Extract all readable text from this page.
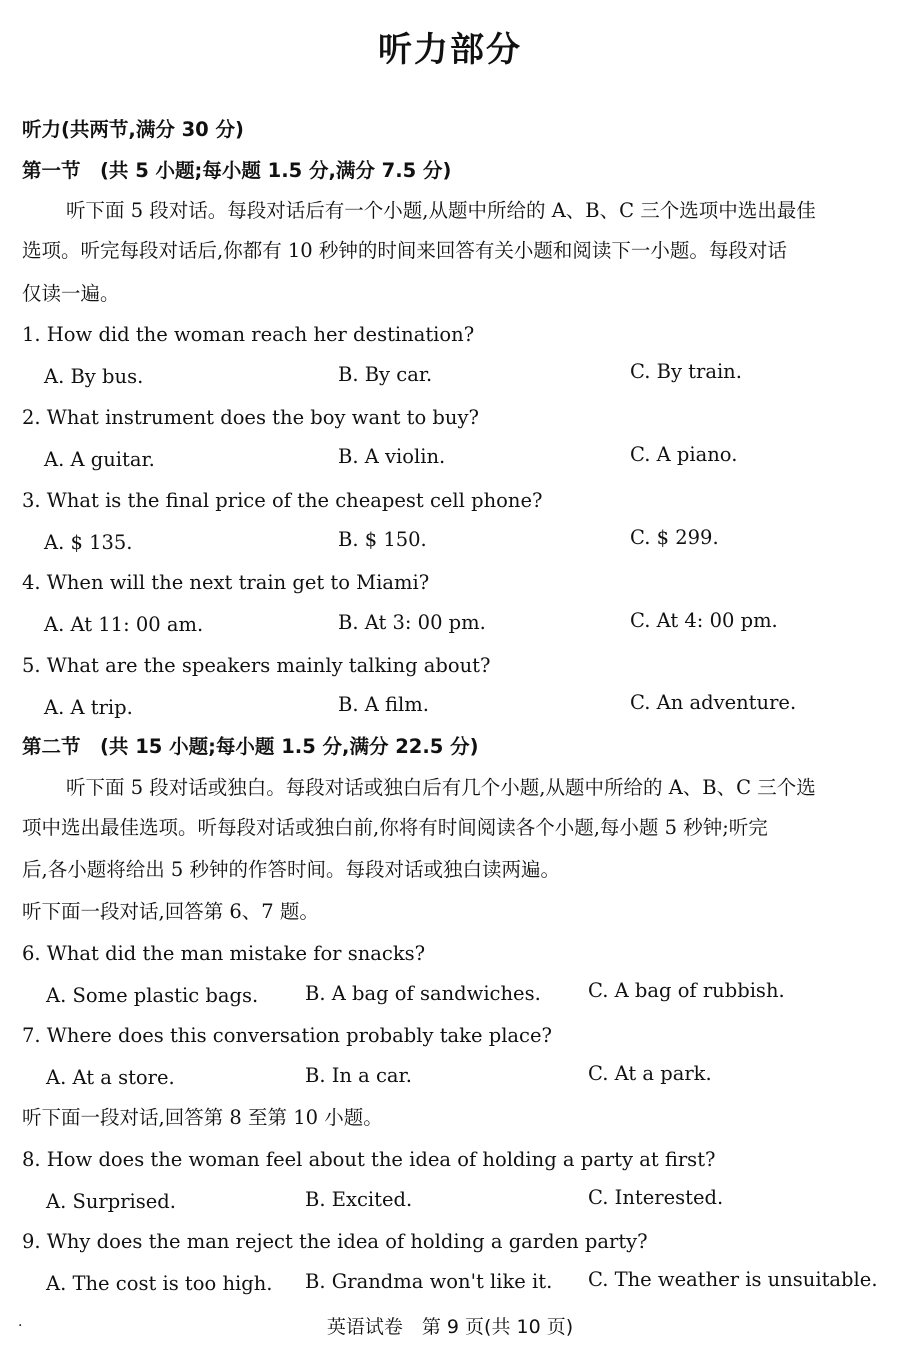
听力部分
听力(共两节,满分 30 分)
第一节　(共 5 小题;每小题 1.5 分,满分 7.5 分)
听下面 5 段对话。每段对话后有一个小题,从题中所给的 A、B、C 三个选项中选出最佳
选项。听完每段对话后,你都有 10 秒钟的时间来回答有关小题和阅读下一小题。每段对话
仅读一遍。
1. How did the woman reach her destination?
A. By bus.	B. By car.	C. By train.
2. What instrument does the boy want to buy?
A. A guitar.	B. A violin.	C. A piano.
3. What is the final price of the cheapest cell phone?
A. $ 135.	B. $ 150.	C. $ 299.
4. When will the next train get to Miami?
A. At 11: 00 am.	B. At 3: 00 pm.	C. At 4: 00 pm.
5. What are the speakers mainly talking about?
A. A trip.	B. A film.	C. An adventure.
第二节　(共 15 小题;每小题 1.5 分,满分 22.5 分)
听下面 5 段对话或独白。每段对话或独白后有几个小题,从题中所给的 A、B、C 三个选
项中选出最佳选项。听每段对话或独白前,你将有时间阅读各个小题,每小题 5 秒钟;听完
后,各小题将给出 5 秒钟的作答时间。每段对话或独白读两遍。
听下面一段对话,回答第 6、7 题。
6. What did the man mistake for snacks?
A. Some plastic bags. B. A bag of sandwiches. C. A bag of rubbish.
7. Where does this conversation probably take place?
A. At a store.	B. In a car.	C. At a park.
听下面一段对话,回答第 8 至第 10 小题。
8. How does the woman feel about the idea of holding a party at first?
A. Surprised.	B. Excited.	C. Interested.
9. Why does the man reject the idea of holding a garden party?
A. The cost is too high. B. Grandma won't like it. C. The weather is unsuitable.
·	英语试卷　第 9 页(共 10 页)
